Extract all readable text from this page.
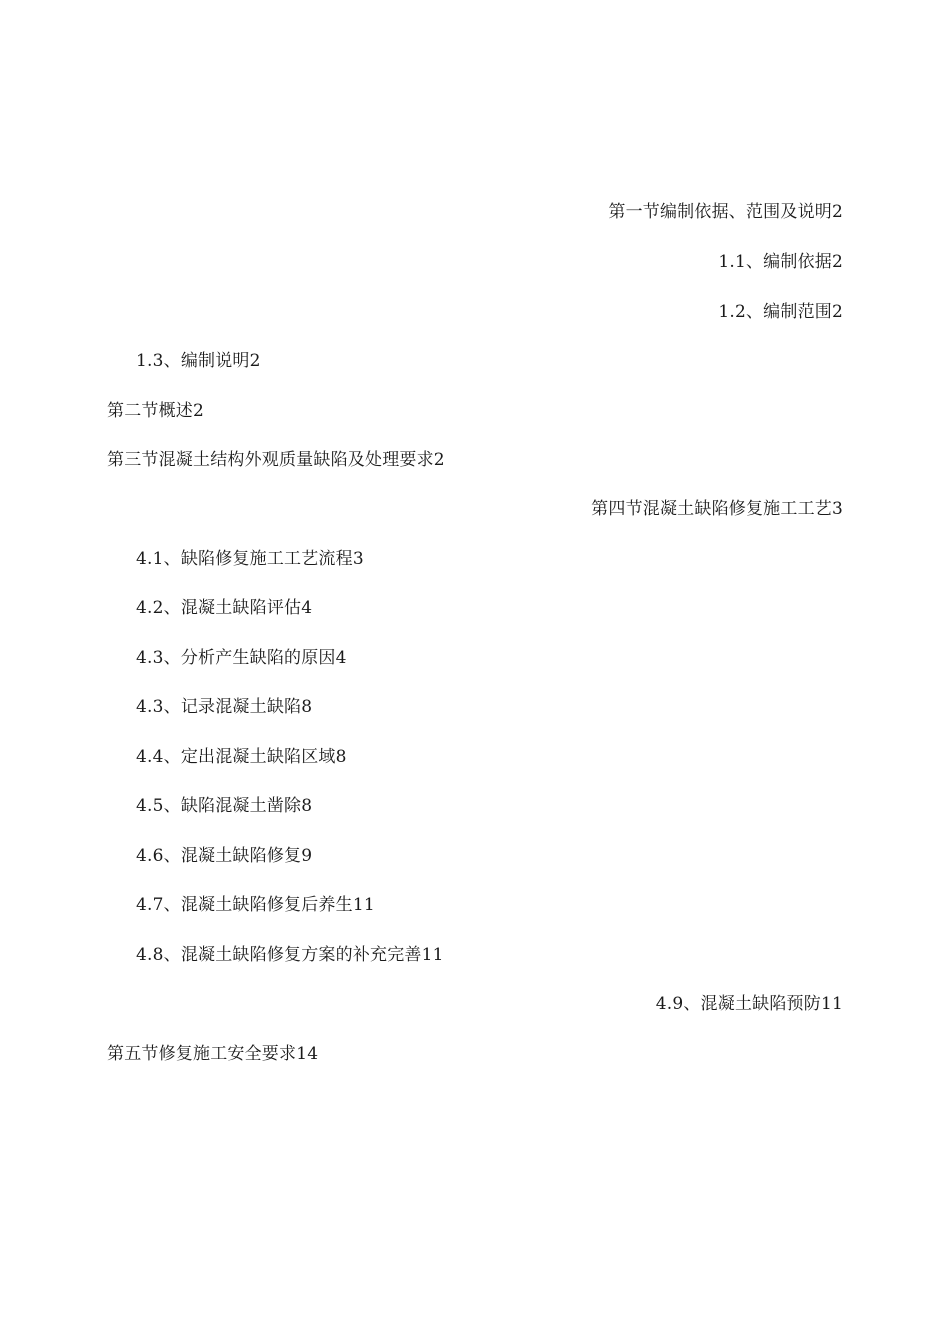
第一节编制依据、范围及说明2
1.1、编制依据2
1.2、编制范围2
1.3、编制说明2
第二节概述2
第三节混凝土结构外观质量缺陷及处理要求2
第四节混凝土缺陷修复施工工艺3
4.1、缺陷修复施工工艺流程3
4.2、混凝土缺陷评估4
4.3、分析产生缺陷的原因4
4.3、记录混凝土缺陷8
4.4、定出混凝土缺陷区域8
4.5、缺陷混凝土凿除8
4.6、混凝土缺陷修复9
4.7、混凝土缺陷修复后养生11
4.8、混凝土缺陷修复方案的补充完善11
4.9、混凝土缺陷预防11
第五节修复施工安全要求14
